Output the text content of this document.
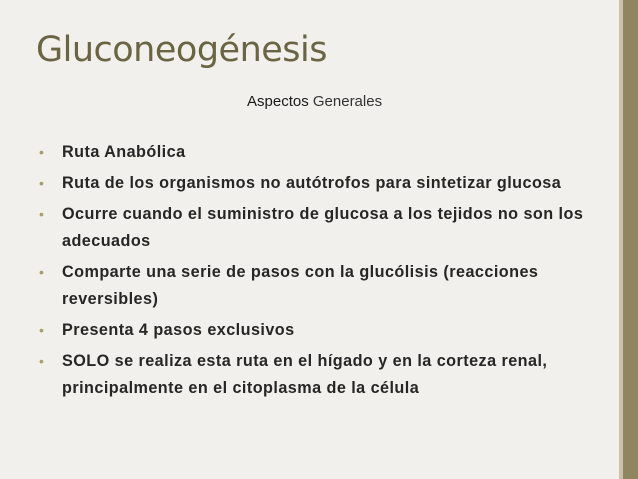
Gluconeogénesis
Aspectos Generales
• Ruta Anabólica
• Ruta de los organismos no autótrofos para sintetizar glucosa
• Ocurre cuando el suministro de glucosa a los tejidos no son los adecuados
• Comparte una serie de pasos con la glucólisis (reacciones reversibles)
• Presenta 4 pasos exclusivos
• SOLO se realiza esta ruta en el hígado y en la corteza renal, principalmente en el citoplasma de la célula
